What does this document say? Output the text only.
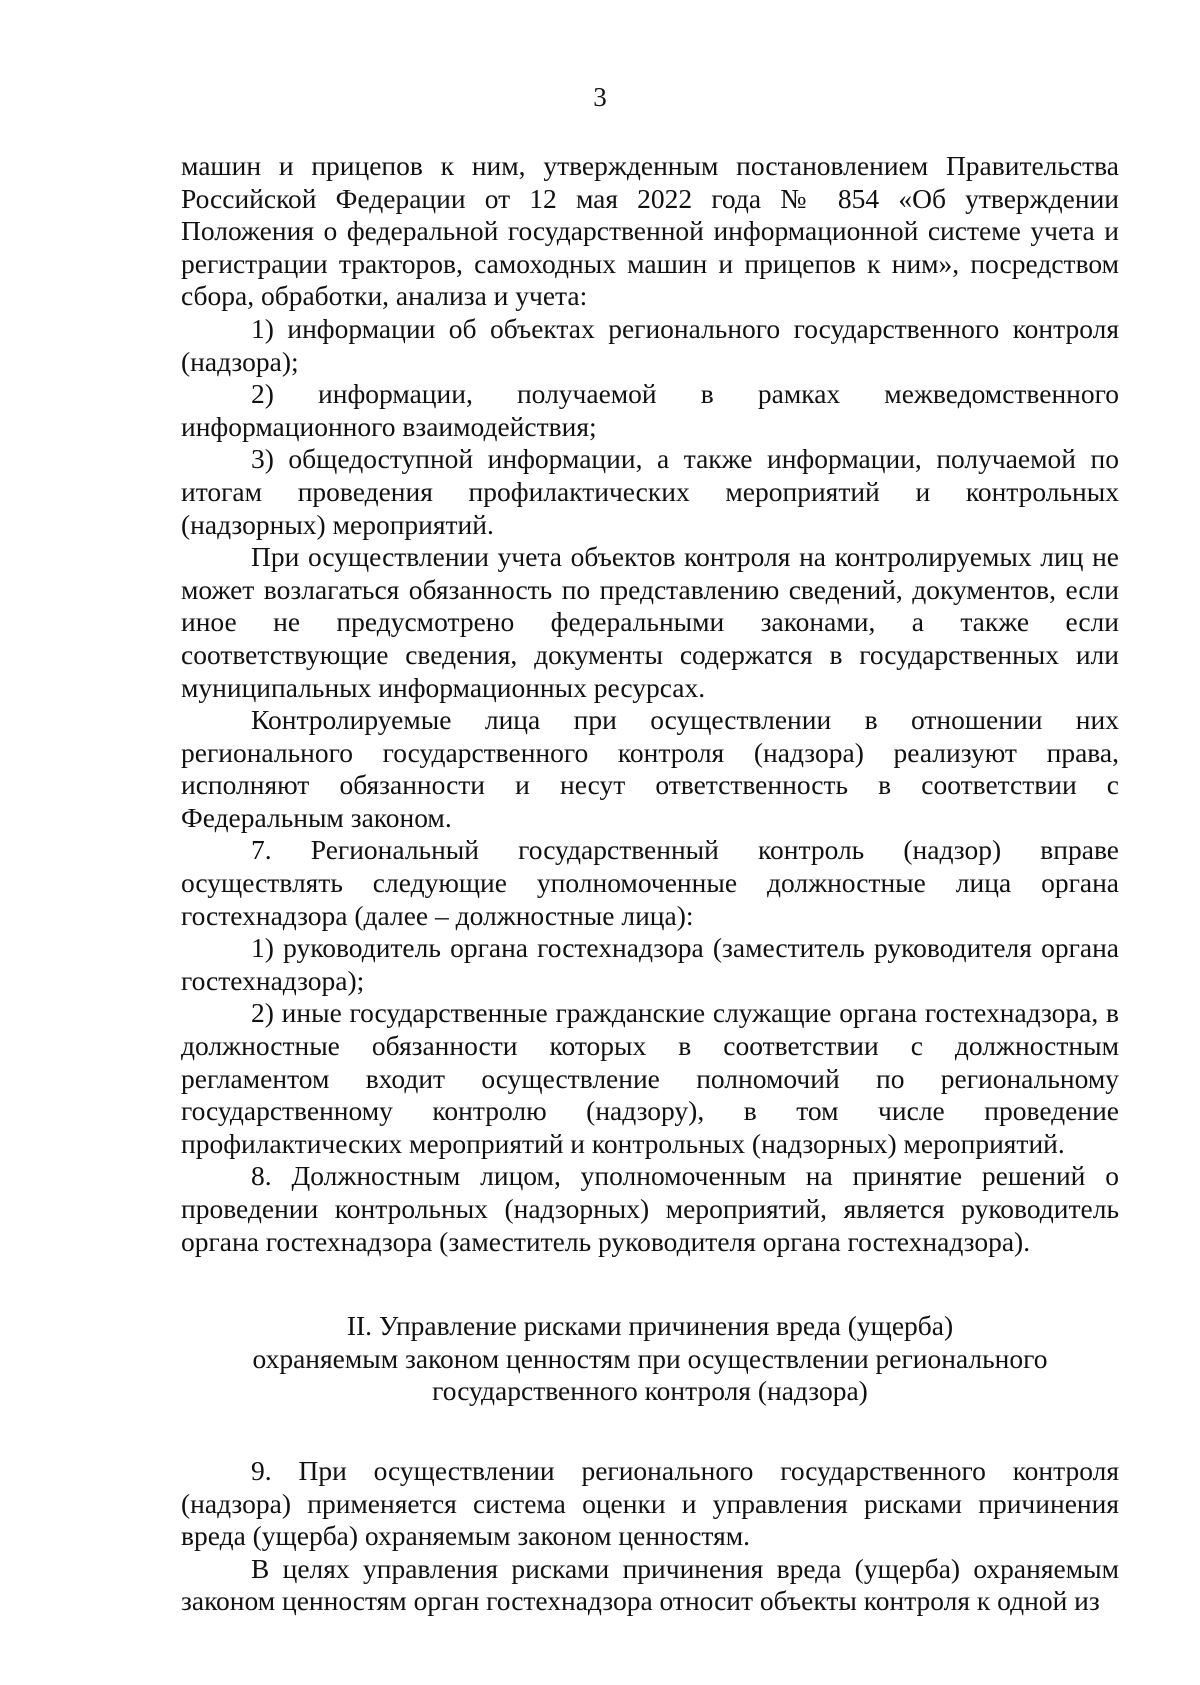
3

машин и прицепов к ним, утвержденным постановлением Правительства Российской Федерации от 12 мая 2022 года № 854 «Об утверждении Положения о федеральной государственной информационной системе учета и регистрации тракторов, самоходных машин и прицепов к ним», посредством сбора, обработки, анализа и учета:

1) информации об объектах регионального государственного контроля (надзора);

2) информации, получаемой в рамках межведомственного информационного взаимодействия;

3) общедоступной информации, а также информации, получаемой по итогам проведения профилактических мероприятий и контрольных (надзорных) мероприятий.

При осуществлении учета объектов контроля на контролируемых лиц не может возлагаться обязанность по представлению сведений, документов, если иное не предусмотрено федеральными законами, а также если соответствующие сведения, документы содержатся в государственных или муниципальных информационных ресурсах.

Контролируемые лица при осуществлении в отношении них регионального государственного контроля (надзора) реализуют права, исполняют обязанности и несут ответственность в соответствии с Федеральным законом.

7. Региональный государственный контроль (надзор) вправе осуществлять следующие уполномоченные должностные лица органа гостехнадзора (далее – должностные лица):

1) руководитель органа гостехнадзора (заместитель руководителя органа гостехнадзора);

2) иные государственные гражданские служащие органа гостехнадзора, в должностные обязанности которых в соответствии с должностным регламентом входит осуществление полномочий по региональному государственному контролю (надзору), в том числе проведение профилактических мероприятий и контрольных (надзорных) мероприятий.

8. Должностным лицом, уполномоченным на принятие решений о проведении контрольных (надзорных) мероприятий, является руководитель органа гостехнадзора (заместитель руководителя органа гостехнадзора).

II. Управление рисками причинения вреда (ущерба)
охраняемым законом ценностям при осуществлении регионального
государственного контроля (надзора)

9. При осуществлении регионального государственного контроля (надзора) применяется система оценки и управления рисками причинения вреда (ущерба) охраняемым законом ценностям.

В целях управления рисками причинения вреда (ущерба) охраняемым законом ценностям орган гостехнадзора относит объекты контроля к одной из
